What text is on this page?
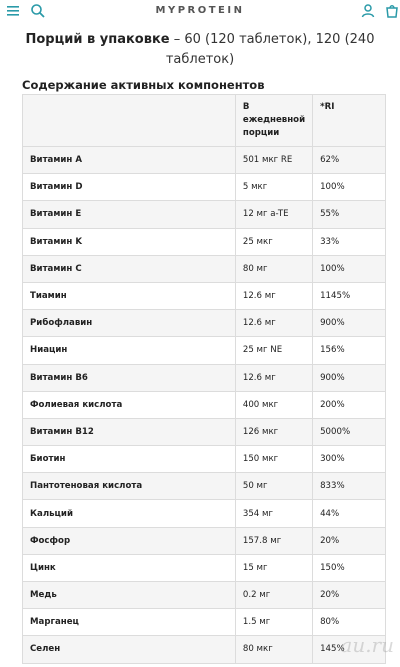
MYPROTEIN
Порций в упаковке – 60 (120 таблеток), 120 (240 таблеток)
Содержание активных компонентов
	В ежедневной порции	*RI
Витамин A	501 мкг RE	62%
Витамин D	5 мкг	100%
Витамин E	12 мг a-TE	55%
Витамин K	25 мкг	33%
Витамин C	80 мг	100%
Тиамин	12.6 мг	1145%
Рибофлавин	12.6 мг	900%
Ниацин	25 мг NE	156%
Витамин B6	12.6 мг	900%
Фолиевая кислота	400 мкг	200%
Витамин B12	126 мкг	5000%
Биотин	150 мкг	300%
Пантотеновая кислота	50 мг	833%
Кальций	354 мг	44%
Фосфор	157.8 мг	20%
Цинк	15 мг	150%
Медь	0.2 мг	20%
Марганец	1.5 мг	80%
Селен	80 мкг	145%
au.ru
